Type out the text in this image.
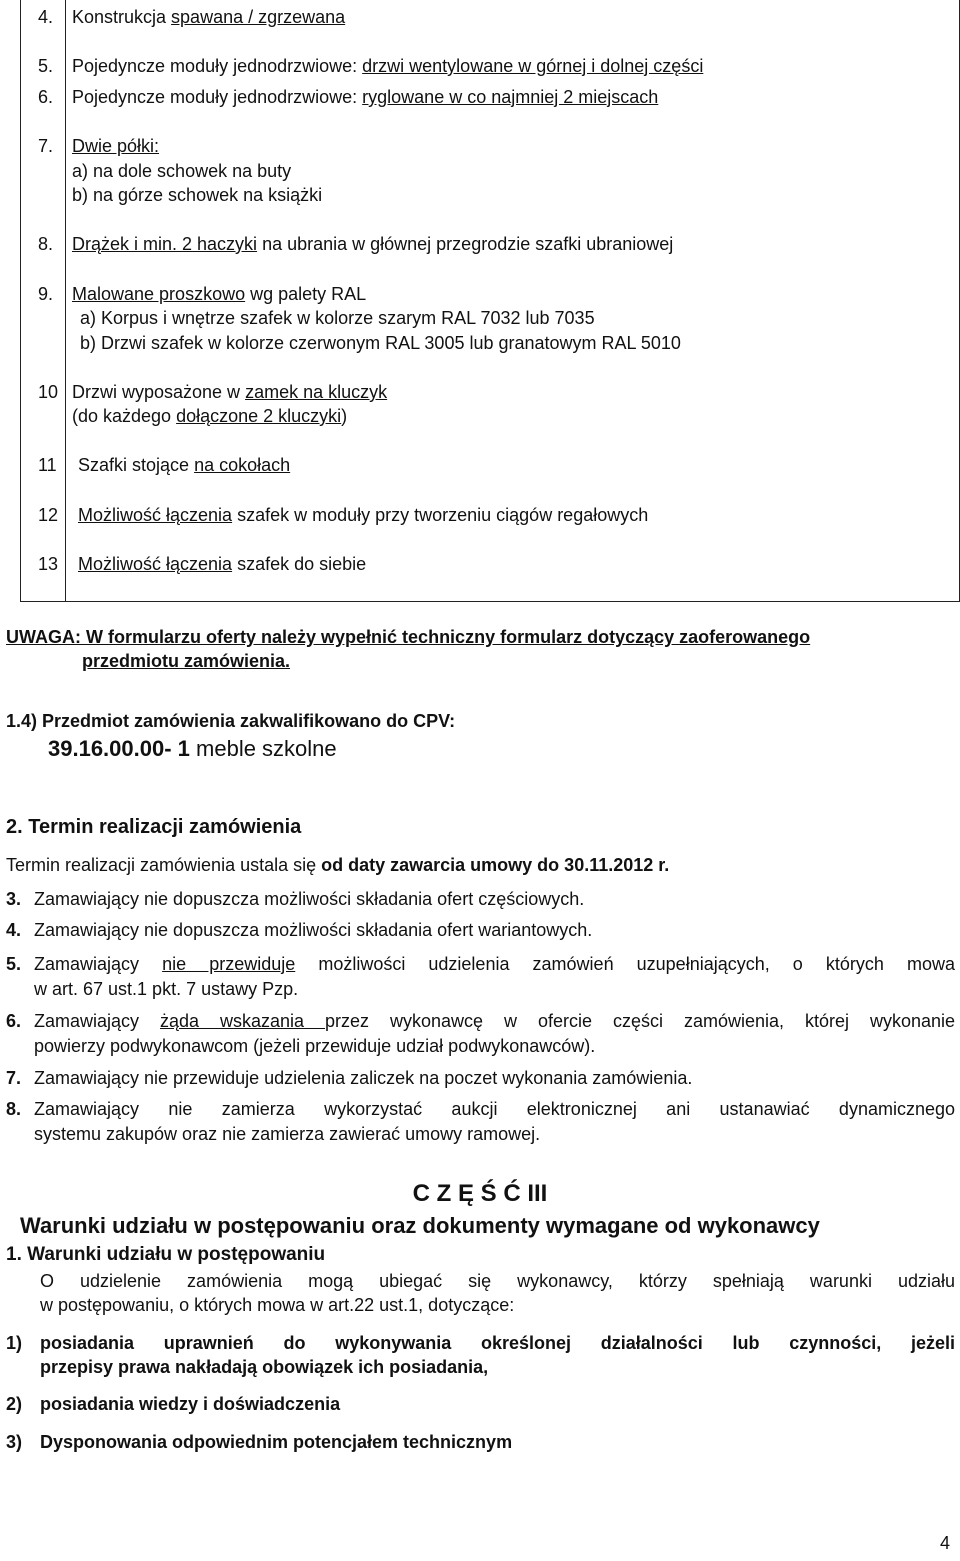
4. Konstrukcja spawana / zgrzewana
5. Pojedyncze moduły jednodrzwiowe: drzwi wentylowane w górnej i dolnej części
6. Pojedyncze moduły jednodrzwiowe: ryglowane w co najmniej 2 miejscach
7. Dwie półki:
a) na dole schowek na buty
b) na górze schowek na książki
8. Drążek i min. 2 haczyki na ubrania w głównej przegrodzie szafki ubraniowej
9. Malowane proszkowo wg palety RAL
a) Korpus i wnętrze szafek w kolorze szarym RAL 7032 lub 7035
b) Drzwi szafek w kolorze czerwonym RAL 3005 lub granatowym RAL 5010
10 Drzwi wyposażone w zamek na kluczyk
(do każdego dołączone 2 kluczyki)
11 Szafki stojące na cokołach
12 Możliwość łączenia szafek w moduły przy tworzeniu ciągów regałowych
13 Możliwość łączenia szafek do siebie
UWAGA: W formularzu oferty należy wypełnić techniczny formularz dotyczący zaoferowanego
przedmiotu zamówienia.
1.4) Przedmiot zamówienia zakwalifikowano do CPV:
39.16.00.00- 1 meble szkolne
2. Termin realizacji zamówienia
Termin realizacji zamówienia ustala się od daty zawarcia umowy do 30.11.2012 r.
3. Zamawiający nie dopuszcza możliwości składania ofert częściowych.
4. Zamawiający nie dopuszcza możliwości składania ofert wariantowych.
5. Zamawiający nie przewiduje możliwości udzielenia zamówień uzupełniających, o których mowa
w art. 67 ust.1 pkt. 7 ustawy Pzp.
6. Zamawiający żąda wskazania przez wykonawcę w ofercie części zamówienia, której wykonanie
powierzy podwykonawcom (jeżeli przewiduje udział podwykonawców).
7. Zamawiający nie przewiduje udzielenia zaliczek na poczet wykonania zamówienia.
8. Zamawiający nie zamierza wykorzystać aukcji elektronicznej ani ustanawiać dynamicznego
systemu zakupów oraz nie zamierza zawierać umowy ramowej.
C Z Ę Ś Ć III
Warunki udziału w postępowaniu oraz dokumenty wymagane od wykonawcy
1. Warunki udziału w postępowaniu
O udzielenie zamówienia mogą ubiegać się wykonawcy, którzy spełniają warunki udziału
w postępowaniu, o których mowa w art.22 ust.1, dotyczące:
1) posiadania uprawnień do wykonywania określonej działalności lub czynności, jeżeli
przepisy prawa nakładają obowiązek ich posiadania,
2) posiadania wiedzy i doświadczenia
3) Dysponowania odpowiednim potencjałem technicznym
4
